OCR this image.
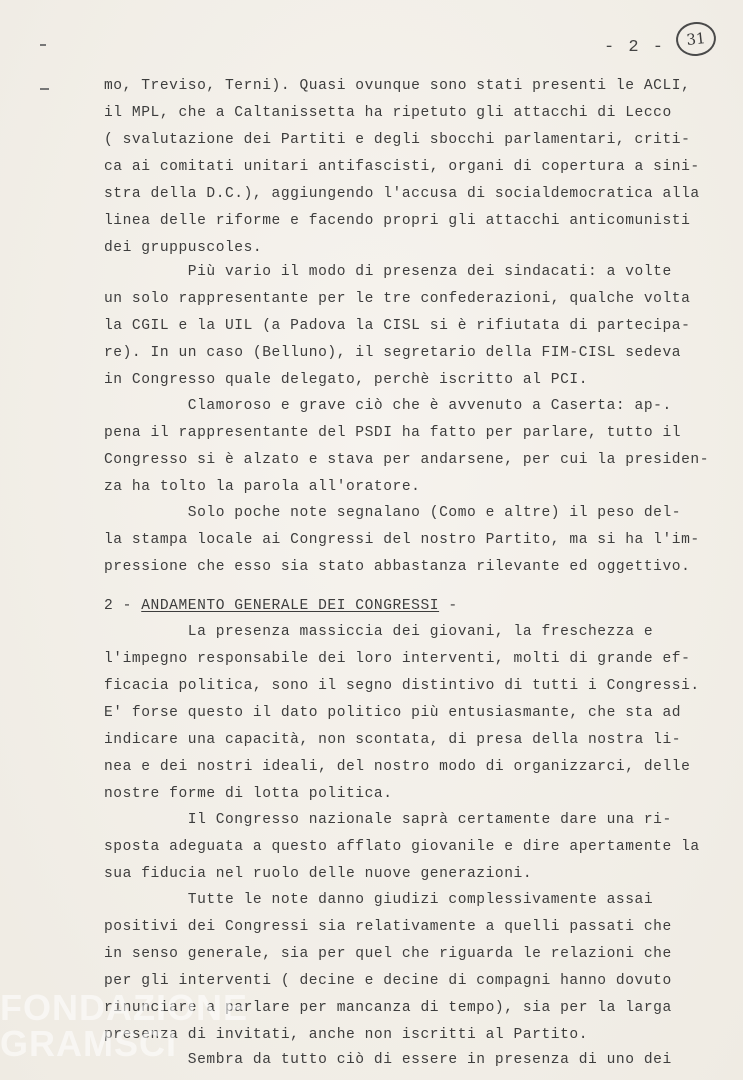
- 2 -	31
mo, Treviso, Terni). Quasi ovunque sono stati presenti le ACLI,
il MPL, che a Caltanissetta ha ripetuto gli attacchi di Lecco
( svalutazione dei Partiti e degli sbocchi parlamentari, criti-
ca ai comitati unitari antifascisti, organi di copertura a sini-
stra della D.C.), aggiungendo l'accusa di socialdemocratica alla
linea delle riforme e facendo propri gli attacchi anticomunisti
dei gruppuscoles.
Più vario il modo di presenza dei sindacati: a volte
un solo rappresentante per le tre confederazioni, qualche volta
la CGIL e la UIL (a Padova la CISL si è rifiutata di partecipa-
re). In un caso (Belluno), il segretario della FIM-CISL sedeva
in Congresso quale delegato, perchè iscritto al PCI.
Clamoroso e grave ciò che è avvenuto a Caserta: ap-.
pena il rappresentante del PSDI ha fatto per parlare, tutto il
Congresso si è alzato e stava per andarsene, per cui la presiden-
za ha tolto la parola all'oratore.
Solo poche note segnalano (Como e altre) il peso del-
la stampa locale ai Congressi del nostro Partito, ma si ha l'im-
pressione che esso sia stato abbastanza rilevante ed oggettivo.
2 - ANDAMENTO GENERALE DEI CONGRESSI -
La presenza massiccia dei giovani, la freschezza e
l'impegno responsabile dei loro interventi, molti di grande ef-
ficacia politica, sono il segno distintivo di tutti i Congressi.
E' forse questo il dato politico più entusiasmante, che sta ad
indicare una capacità, non scontata, di presa della nostra li-
nea e dei nostri ideali, del nostro modo di organizzarci, delle
nostre forme di lotta politica.
Il Congresso nazionale saprà certamente dare una ri-
sposta adeguata a questo afflato giovanile e dire apertamente la
sua fiducia nel ruolo delle nuove generazioni.
Tutte le note danno giudizi complessivamente assai
positivi dei Congressi sia relativamente a quelli passati che
in senso generale, sia per quel che riguarda le relazioni che
per gli interventi ( decine e decine di compagni hanno dovuto
rinunciare a parlare per mancanza di tempo), sia per la larga
presenza di invitati, anche non iscritti al Partito.
Sembra da tutto ciò di essere in presenza di uno dei
FONDAZIONE
GRAMSCI
